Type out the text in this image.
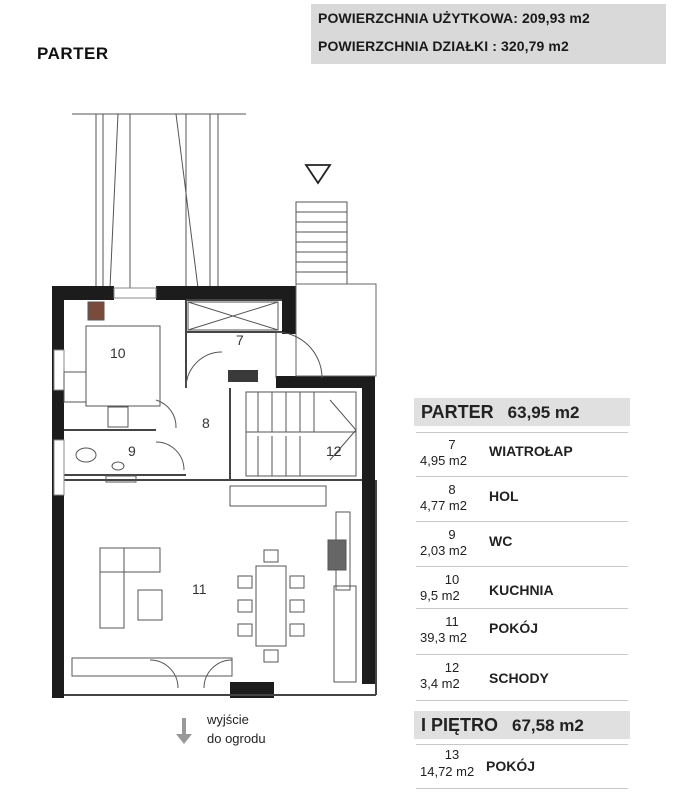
POWIERZCHNIA UŻYTKOWA: 209,93 m2
POWIERZCHNIA DZIAŁKI : 320,79 m2
PARTER
7
8
9
10
11
12
wyjście
do ogrodu
PARTER 63,95 m2
7
4,95 m2
WIATROŁAP
8
4,77 m2
HOL
9
2,03 m2
WC
10
9,5 m2 KUCHNIA
11
39,3 m2
POKÓJ
12
3,4 m2 SCHODY
I PIĘTRO 67,58 m2
13
14,72 m2 POKÓJ
